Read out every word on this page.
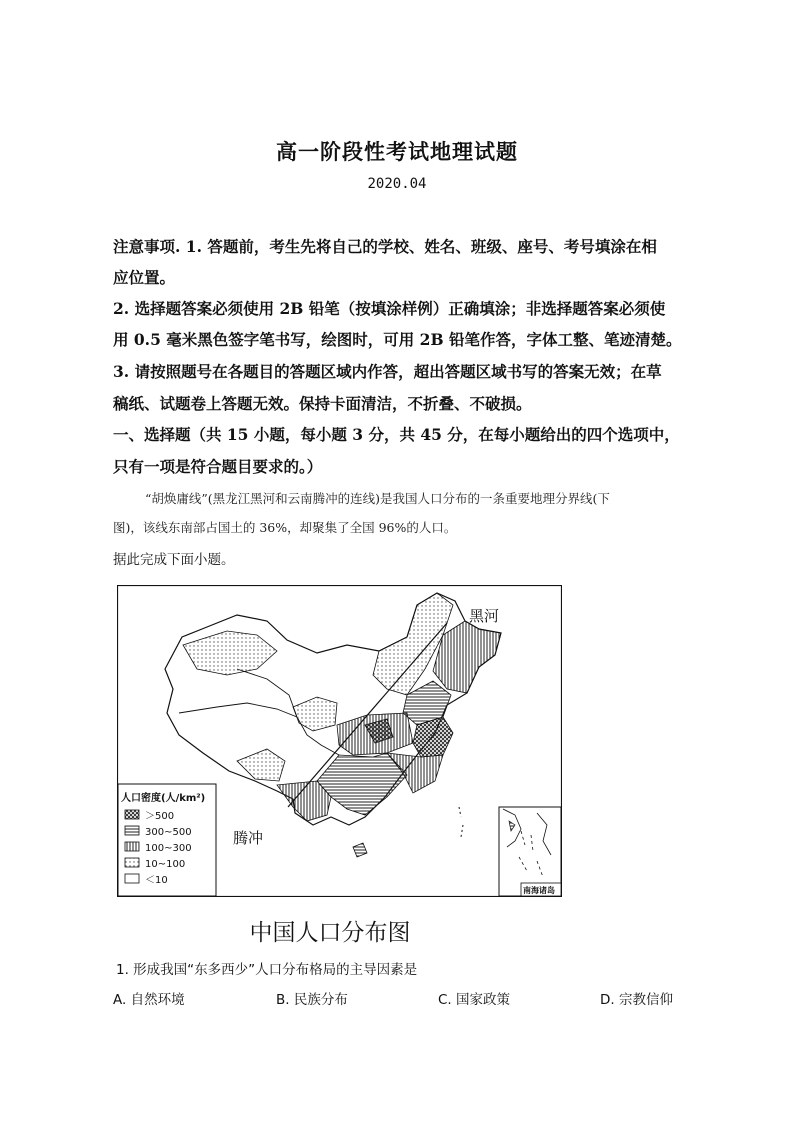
高一阶段性考试地理试题
2020.04
注意事项. 1. 答题前，考生先将自己的学校、姓名、班级、座号、考号填涂在相
应位置。
2. 选择题答案必须使用 2B 铅笔（按填涂样例）正确填涂；非选择题答案必须使
用 0.5 毫米黑色签字笔书写，绘图时，可用 2B 铅笔作答，字体工整、笔迹清楚。
3. 请按照题号在各题目的答题区域内作答，超出答题区域书写的答案无效；在草
稿纸、试题卷上答题无效。保持卡面清洁，不折叠、不破损。
一、选择题（共 15 小题，每小题 3 分，共 45 分，在每小题给出的四个选项中，
只有一项是符合题目要求的。）
“胡焕庸线”(黑龙江黑河和云南腾冲的连线)是我国人口分布的一条重要地理分界线(下
图)，该线东南部占国土的 36%，却聚集了全国 96%的人口。
据此完成下面小题。
黑河
腾冲
人口密度(人/km²)
＞500
300~500
100~300
10~100
＜10
南海诸岛
中国人口分布图
1. 形成我国“东多西少”人口分布格局的主导因素是
A. 自然环境	B. 民族分布	C. 国家政策	D. 宗教信仰
